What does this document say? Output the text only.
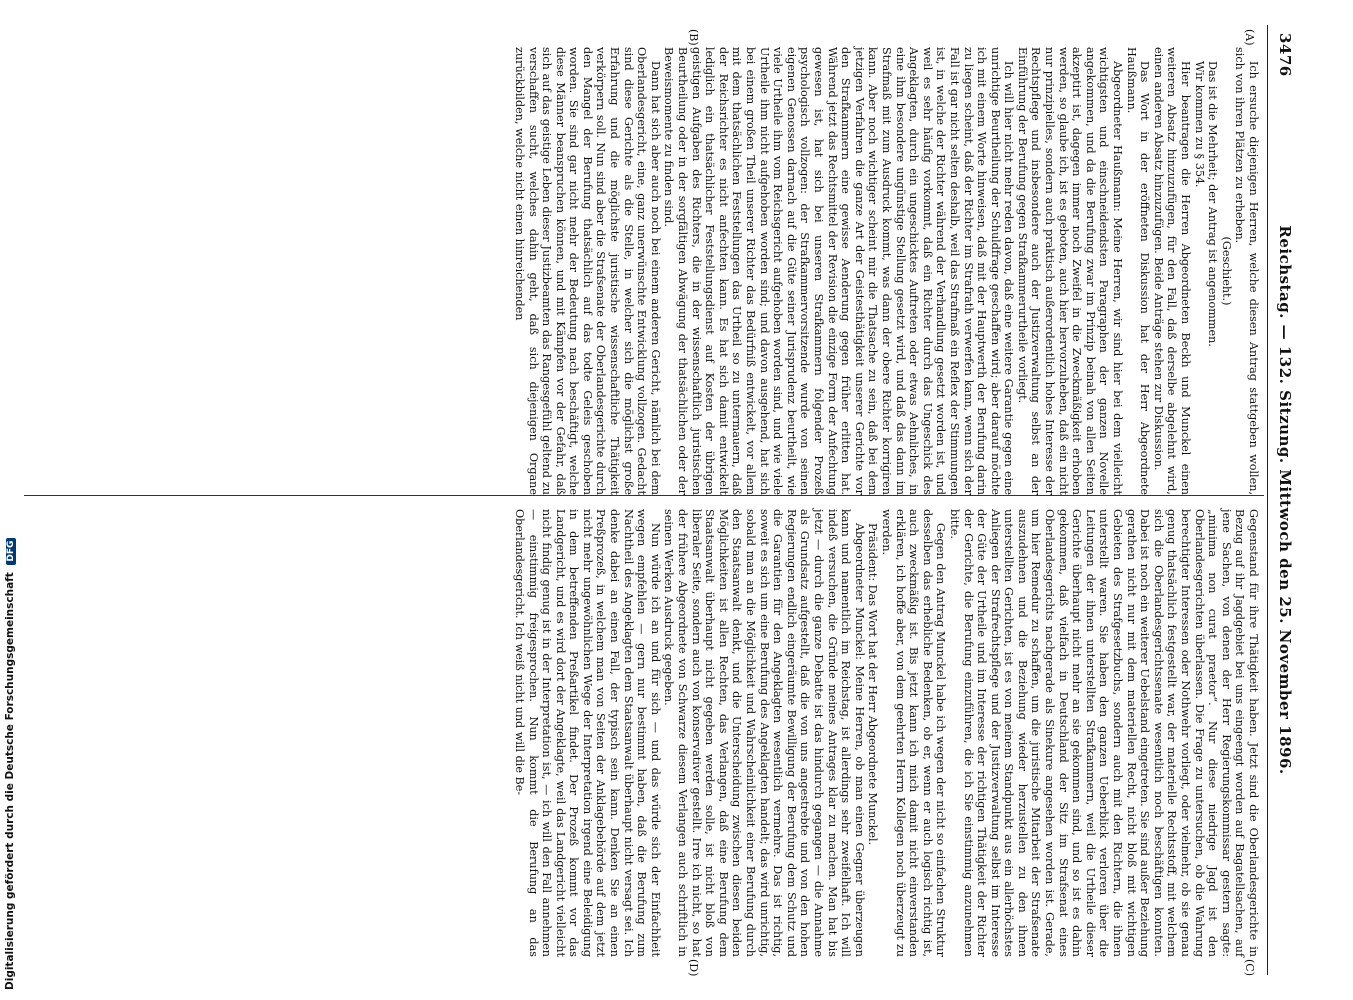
3476
Reichstag. — 132. Sitzung. Mittwoch den 25. November 1896.
(A)
(B)
(C)
(D)

Ich ersuche diejenigen Herren, welche diesen Antrag stattgeben wollen, sich von ihren Plätzen zu erheben.

(Geschieht.)

Das ist die Mehrheit; der Antrag ist angenommen.

Wir kommen zu § 354.

Hier beantragen die Herren Abgeordneten Beckh und Munckel einen weiteren Absatz hinzuzufügen, für den Fall, daß derselbe abgelehnt wird, einen anderen Absatz hinzuzufügen. Beide Anträge stehen zur Diskussion.

Das Wort in der eröffneten Diskussion hat der Herr Abgeordnete Haußmann.

Abgeordneter Haußmann: Meine Herren, wir sind hier bei dem vielleicht wichtigsten und einschneidendsten Paragraphen der ganzen Novelle angekommen, und da die Berufung zwar im Prinzip beinah von allen Seiten akzeptirt ist, dagegen immer noch Zweifel in die Zweckmäßigkeit erhoben werden, so glaube ich, ist es geboten, auch hier hervorzuheben, daß ein nicht nur prinzipielles, sondern auch praktisch außerordentlich hohes Interesse der Rechtspflege und insbesondere auch der Justizverwaltung selbst an der Einführung der Berufung gegen Strafkammerurtheile vorliegt.

Ich will hier nicht mehr reden davon, daß eine weitere Garantie gegen eine unrichtige Beurtheilung der Schuldfrage geschaffen wird; aber darauf möchte ich mit einem Worte hinweisen, daß mit der Hauptwerth der Berufung darin zu liegen scheint, daß der Richter im Strafrath verwerfen kann, wenn sich der Fall ist gar nicht selten deshalb, weil das Strafmaß ein Reflex der Stimmungen ist, in welche der Richter während der Verhandlung gesetzt worden ist, und weil es sehr häufig vorkommt, daß ein Richter durch das Ungeschick des Angeklagten, durch ein ungeschicktes Auftreten oder etwas Aehnliches, in eine ihm besondere ungünstige Stellung gesetzt wird, und daß das dann im Strafmaß mit zum Ausdruck kommt, was dann der obere Richter korrigiren kann. Aber noch wichtiger scheint mir die Thatsache zu sein, daß bei dem jetzigen Verfahren die ganze Art der Geistesthätigkeit unserer Gerichte vor den Strafkammern eine gewisse Aenderung gegen früher erlitten hat. Während jetzt das Rechtsmittel der Revision die einzige Form der Anfechtung gewesen ist, hat sich bei unseren Strafkammern folgender Prozeß psychologisch vollzogen: der Strafkammervorsitzende wurde von seinen eigenen Genossen darnach auf die Güte seiner Jurisprudenz beurtheilt, wie viele Urtheile ihm vom Reichsgericht aufgehoben worden sind, und wie viele Urtheile ihm nicht aufgehoben worden sind; und davon ausgehend, hat sich bei einem großen Theil unserer Richter das Bedürfniß entwickelt, vor allem mit dem thatsächlichen Feststellungen das Urtheil so zu untermauern, daß der Reichsrichter es nicht anfechten kann. Es hat sich damit entwickelt lediglich ein thatsächlicher Feststellungsdienst auf Kosten der übrigen geistigen Aufgaben des Richters, die in der wissenschaftlich juristischen Beurtheilung oder in der sorgfältigen Abwägung der thatsächlichen oder der Beweismomente zu finden sind.

Dann hat sich aber auch noch bei einem anderen Gericht, nämlich bei dem Oberlandesgericht, eine, ganz unerwünschte Entwicklung vollzogen. Gedacht sind diese Gerichte als die Stelle, in welcher sich die möglichst große Erfahrung und die möglichste juristische wissenschaftliche Thätigkeit verkörpern soll. Nun sind aber die Strafsenate der Oberlandesgerichte durch den Mangel der Berufung thatsächlich auf das todte Geleis geschoben worden. Sie sind gar nicht mehr der Bedeutung nach beschäftigt, welche diese Männer beanspruchen können, und mit Kämpfen vor der Gefahr, daß sich auf das geistige Leben dieser Justizbeamten das Rangesgefühl geltend zu verschaffen sucht, welches dahin geht, daß sich diejenigen Organe zurückbilden, welche nicht einen hinreichenden

Gegenstand für ihre Thätigkeit haben. Jetzt sind die Oberlandesgerichte in Bezug auf ihr Jagdgebiet bei uns eingeengt worden auf Bagatellsachen, auf jene Sachen, von denen der Herr Regierungskommissar gestern sagte: „minima non curat praetor“. Nur diese niedrige Jagd ist den Oberlandesgerichten überlassen. Die Frage zu untersuchen, ob die Wahrung berechtigter Interessen oder Nothwehr vorliegt, oder vielmehr, ob sie genau genug thatsächlich festgestellt war, der materielle Rechtsstoff, mit welchem sich die Oberlandesgerichtssenate wesentlich noch beschäftigen konnten. Dabei ist noch ein weiterer Uebelstand eingetreten. Sie sind außer Beziehung gerathen nicht nur mit dem materiellen Recht, nicht bloß mit wichtigen Gebieten des Strafgesetzbuchs, sondern auch mit den Richtern, die ihnen unterstellt waren. Sie haben den ganzen Ueberblick verloren über die Leitungen der ihnen unterstellten Strafkammern, weil die Urtheile dieser Gerichte überhaupt nicht mehr an sie gekommen sind, und so ist es dahin gekommen, daß vielfach in Deutschland der Sitz im Strafsenat eines Oberlandesgerichts nachgerade als Sinekure angesehen worden ist. Gerade, um hier Remedur zu schaffen, um die juristische Mitarbeit der Strafsenate auszudehnen und die Beziehung wieder herzustellen zu den ihnen unterstellten Gerichten, ist es von meinem Standpunkt aus ein allerhöchstes Anliegen der Strafrechtspflege und der Justizverwaltung selbst im Interesse der Güte der Urtheile und im Interesse der richtigen Thätigkeit der Richter der Gerichte, die Berufung einzuführen, die ich Sie einstimmig anzunehmen bitte.

Gegen den Antrag Munckel habe ich wegen der nicht so einfachen Struktur desselben das erhebliche Bedenken, ob er, wenn er auch logisch richtig ist, auch zweckmäßig ist. Bis jetzt kann ich mich damit nicht einverstanden erklären, ich hoffe aber, von dem geehrten Herrn Kollegen noch überzeugt zu werden.

Präsident: Das Wort hat der Herr Abgeordnete Munckel.

Abgeordneter Munckel: Meine Herren, ob man einen Gegner überzeugen kann und namentlich im Reichstag, ist allerdings sehr zweifelhaft. Ich will indeß versuchen, die Gründe meines Antrages klar zu machen. Man hat bis jetzt — durch die ganze Debatte ist das hindurch gegangen — die Annahme als Grundsatz aufgestellt, daß die von uns angestrebte und von den hohen Regierungen endlich eingeräumte Bewilligung der Berufung dem Schutz und die Garantien für den Angeklagten wesentlich vermehre. Das ist richtig, soweit es sich um eine Berufung des Angeklagten handelt; das wird unrichtig, sobald man an die Möglichkeit und Wahrscheinlichkeit einer Berufung durch den Staatsanwalt denkt, und die Unterscheidung zwischen diesen beiden Möglichkeiten ist allen Rechten, das Verlangen, daß eine Berufung dem Staatsanwalt überhaupt nicht gegeben werden solle, ist nicht bloß von liberaler Seite, sondern auch von konservativer gestellt. Irre ich nicht, so hat der frühere Abgeordnete von Schwarze diesem Verlangen auch schriftlich in seinen Werken Ausdruck gegeben.

Nun würde ich an und für sich — und das würde sich der Einfachheit wegen empfehlen — gern nur bestimmt haben, daß die Berufung zum Nachtheil des Angeklagten dem Staatsanwalt überhaupt nicht versagt sei. Ich denke dabei an einen Fall, der typisch sein kann. Denken Sie an einen Preßprozeß, in welchem man von Seiten der Anklagebehörde auf dem jetzt nicht mehr ungewöhnlichen Wege der Interpretation irgend eine Beleidigung in dem betreffenden Preßartikel findet. Der Prozeß kommt vor das Landgericht, und es wird dort der Angeklagte, weil das Landgericht vielleicht nicht findig genug ist in der Interpretation ist, — ich will den Fall annehmen — einstimmig freigesprochen. Nun kommt die Berufung an das Oberlandesgericht. Ich weiß nicht und will die Be-

Digitalisierung gefördert durch die Deutsche Forschungsgemeinschaft DFG
